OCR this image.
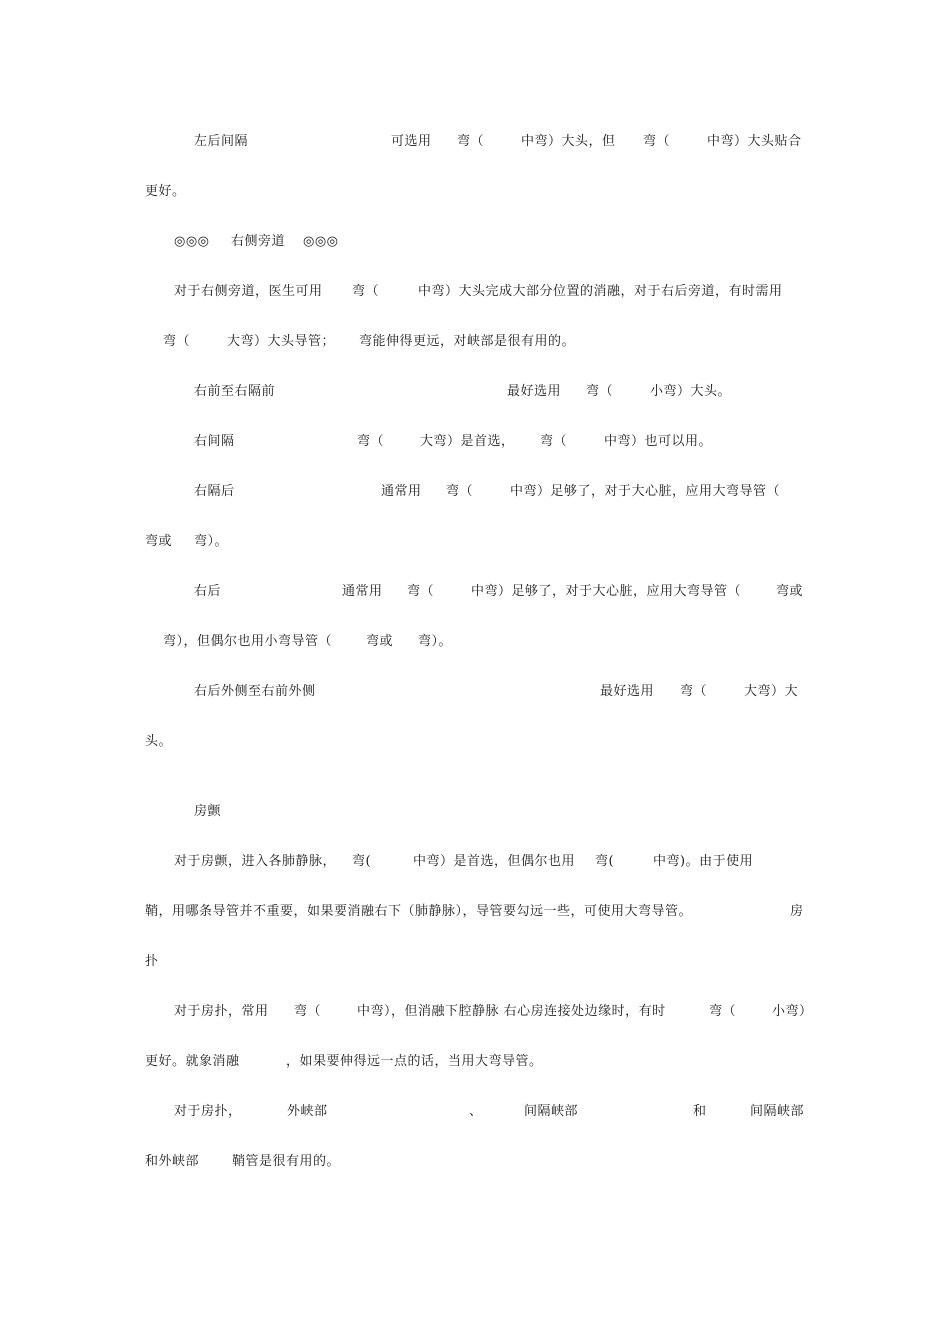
左后间隔	可选用 弯（	中弯）大头，但 弯（	中弯）大头贴合
更好。
◎◎◎ 右侧旁道 ◎◎◎
对于右侧旁道，医生可用 弯（	中弯）大头完成大部分位置的消融，对于右后旁道，有时需用
弯（	大弯）大头导管； 弯能伸得更远，对峡部是很有用的。
右前至右隔前	最好选用 弯（	小弯）大头。
右间隔	弯（	大弯）是首选， 弯（	中弯）也可以用。
右隔后	通常用 弯（	中弯）足够了，对于大心脏，应用大弯导管（
弯或 弯）。
右后	通常用 弯（	中弯）足够了，对于大心脏，应用大弯导管（	弯或
弯），但偶尔也用小弯导管（	弯或 弯）。
右后外侧至右前外侧	最好选用 弯（	大弯）大
头。
房颤
对于房颤，进入各肺静脉， 弯(	中弯）是首选，但偶尔也用 弯(	中弯)。由于使用
鞘，用哪条导管并不重要，如果要消融右下（肺静脉），导管要勾远一些，可使用大弯导管。	房
扑
对于房扑，常用 弯（	中弯），但消融下腔静脉 右心房连接处边缘时，有时	弯（	小弯）
更好。就象消融	，如果要伸得远一点的话，当用大弯导管。
对于房扑，	外峡部	、	间隔峡部	和	间隔峡部
和外峡部	鞘管是很有用的。
